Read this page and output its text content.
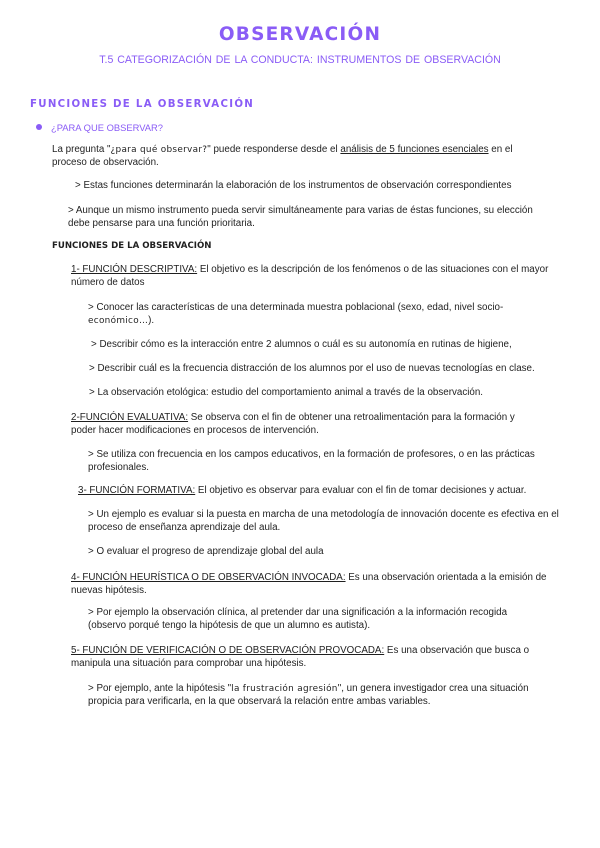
OBSERVACIÓN
T.5 CATEGORIZACIÓN DE LA CONDUCTA: INSTRUMENTOS DE OBSERVACIÓN
FUNCIONES DE LA OBSERVACIÓN
¿PARA QUE OBSERVAR?
La pregunta "¿para qué observar?" puede responderse desde el análisis de 5 funciones esenciales en el proceso de observación.
> Estas funciones determinarán la elaboración de los instrumentos de observación correspondientes
> Aunque un mismo instrumento pueda servir simultáneamente para varias de éstas funciones, su elección debe pensarse para una función prioritaria.
FUNCIONES DE LA OBSERVACIÓN
1- FUNCIÓN DESCRIPTIVA: El objetivo es la descripción de los fenómenos o de las situaciones con el mayor número de datos
> Conocer las características de una determinada muestra poblacional (sexo, edad, nivel socio-
económico…).
> Describir cómo es la interacción entre 2 alumnos o cuál es su autonomía en rutinas de higiene,
> Describir cuál es la frecuencia distracción de los alumnos por el uso de nuevas tecnologías en clase.
> La observación etológica: estudio del comportamiento animal a través de la observación.
2-FUNCIÓN EVALUATIVA: Se observa con el fin de obtener una retroalimentación para la formación y poder hacer modificaciones en procesos de intervención.
> Se utiliza con frecuencia en los campos educativos, en la formación de profesores, o en las prácticas profesionales.
3- FUNCIÓN FORMATIVA: El objetivo es observar para evaluar con el fin de tomar decisiones y actuar.
> Un ejemplo es evaluar si la puesta en marcha de una metodología de innovación docente es efectiva en el proceso de enseñanza aprendizaje del aula.
> O evaluar el progreso de aprendizaje global del aula
4- FUNCIÓN HEURÍSTICA O DE OBSERVACIÓN INVOCADA: Es una observación orientada a la emisión de nuevas hipótesis.
> Por ejemplo la observación clínica, al pretender dar una significación a la información recogida (observo porqué tengo la hipótesis de que un alumno es autista).
5- FUNCIÓN DE VERIFICACIÓN O DE OBSERVACIÓN PROVOCADA: Es una observación que busca o manipula una situación para comprobar una hipótesis.
> Por ejemplo, ante la hipótesis "la frustración agresión", un genera investigador crea una situación propicia para verificarla, en la que observará la relación entre ambas variables.
